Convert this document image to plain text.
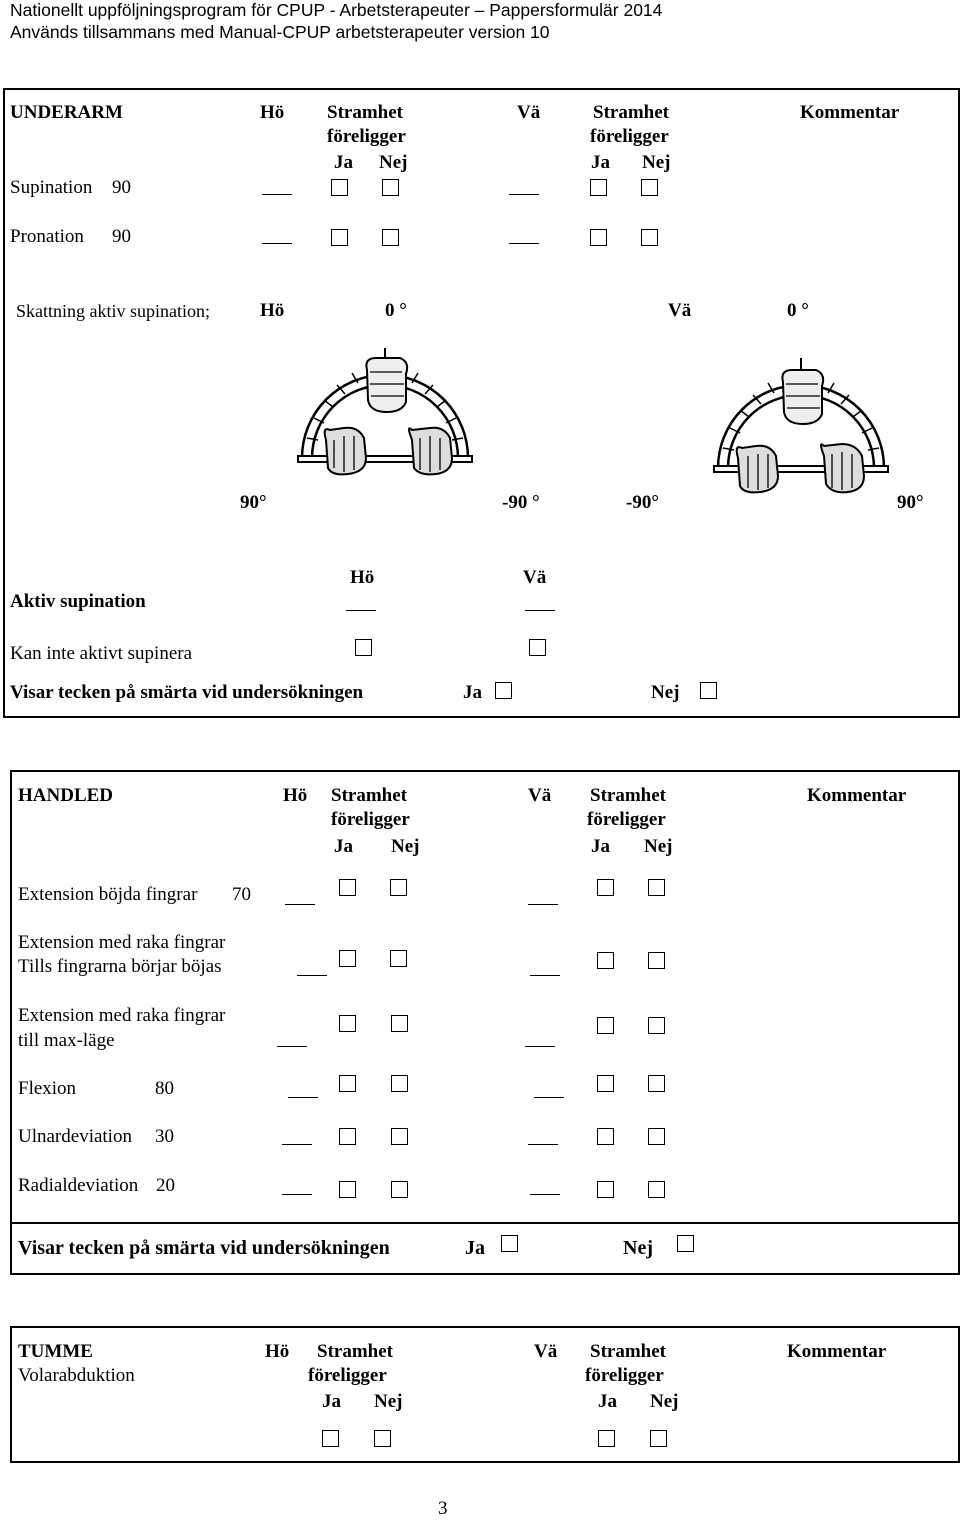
Nationellt uppföljningsprogram för CPUP - Arbetsterapeuter – Pappersformulär 2014
Används tillsammans med Manual-CPUP arbetsterapeuter version 10
UNDERARM	Hö Stramhet
föreligger
Ja Nej
Vä	Stramhet
föreligger
Ja Nej
Kommentar
Supination 90
Pronation 90
Skattning aktiv supination;	Hö	0 °	Vä	0 °
90°	-90 °	-90°	90°
Hö	Vä
Aktiv supination
Kan inte aktivt supinera
Visar tecken på smärta vid undersökningen	Ja	Nej
HANDLED	Hö Stramhet
föreligger
Ja Nej
Vä Stramhet
föreligger
Ja Nej
Kommentar
Extension böjda fingrar 70
Extension med raka fingrar
Tills fingrarna börjar böjas
Extension med raka fingrar
till max-läge
Flexion	80
Ulnardeviation 30
Radialdeviation 20
Visar tecken på smärta vid undersökningen	Ja	Nej
TUMME
Volarabduktion
Hö Stramhet
föreligger
Ja Nej
Vä Stramhet
föreligger
Ja Nej
Kommentar
3
